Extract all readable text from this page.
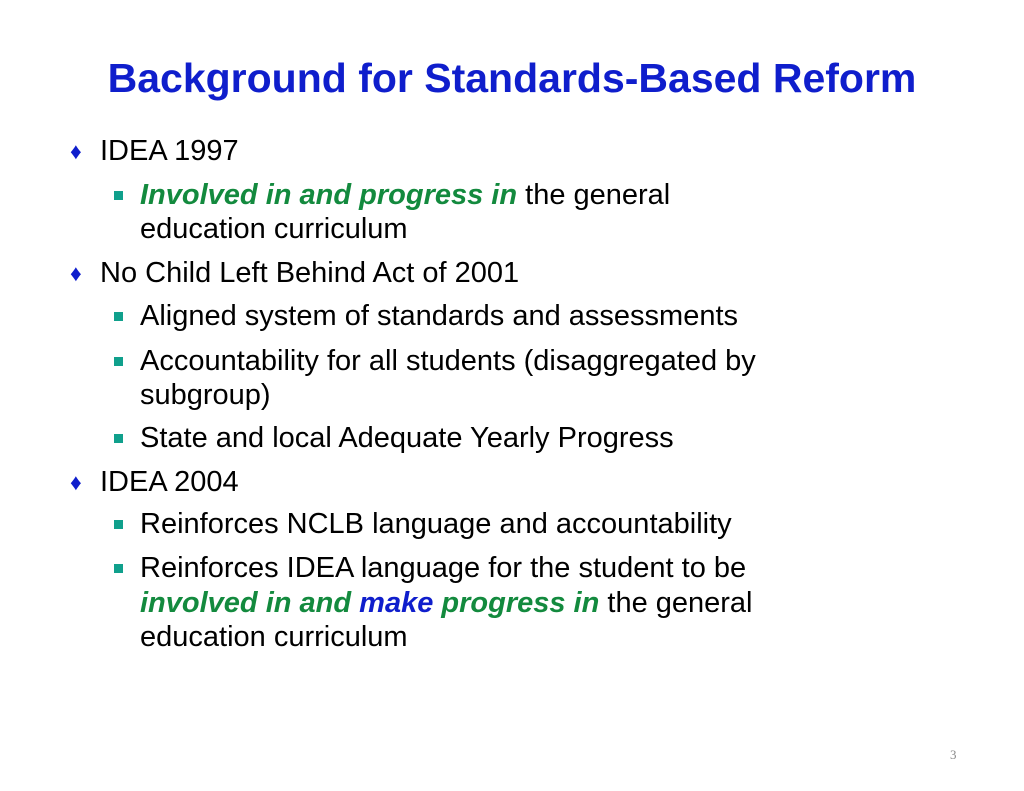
Background for Standards-Based Reform
♦ IDEA 1997
Involved in and progress in the general
education curriculum
♦ No Child Left Behind Act of 2001
Aligned system of standards and assessments
Accountability for all students (disaggregated by
subgroup)
State and local Adequate Yearly Progress
♦ IDEA 2004
Reinforces NCLB language and accountability
Reinforces IDEA language for the student to be
involved in and make progress in the general
education curriculum
3
